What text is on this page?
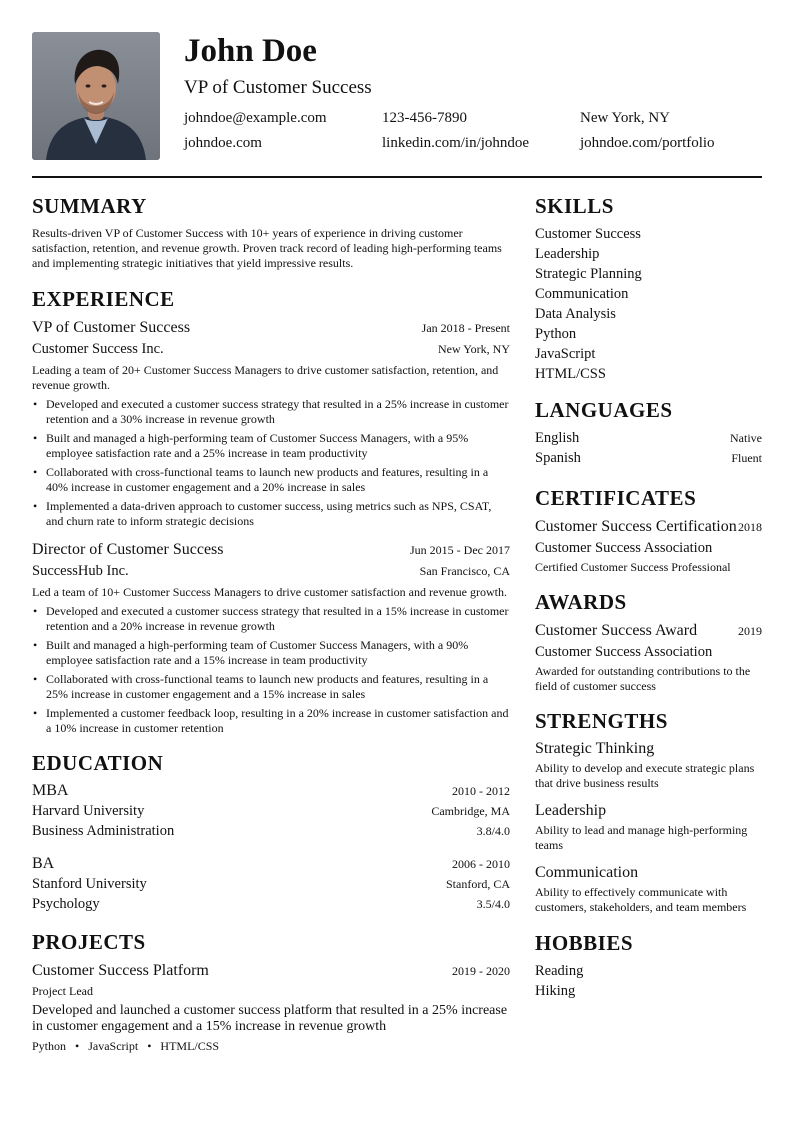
John Doe
VP of Customer Success
johndoe@example.com	123-456-7890	New York, NY
johndoe.com	linkedin.com/in/johndoe	johndoe.com/portfolio
SUMMARY

Results-driven VP of Customer Success with 10+ years of experience in driving customer satisfaction, retention, and revenue growth. Proven track record of leading high-performing teams and implementing strategic initiatives that yield impressive results.

EXPERIENCE
VP of Customer Success	Jan 2018 - Present
Customer Success Inc.	New York, NY

Leading a team of 20+ Customer Success Managers to drive customer satisfaction, retention, and revenue growth.

• Developed and executed a customer success strategy that resulted in a 25% increase in customer retention and a 30% increase in revenue growth
• Built and managed a high-performing team of Customer Success Managers, with a 95% employee satisfaction rate and a 25% increase in team productivity
• Collaborated with cross-functional teams to launch new products and features, resulting in a 40% increase in customer engagement and a 20% increase in sales
• Implemented a data-driven approach to customer success, using metrics such as NPS, CSAT, and churn rate to inform strategic decisions
Director of Customer Success	Jun 2015 - Dec 2017
SuccessHub Inc.	San Francisco, CA

Led a team of 10+ Customer Success Managers to drive customer satisfaction and revenue growth.

• Developed and executed a customer success strategy that resulted in a 15% increase in customer retention and a 20% increase in revenue growth
• Built and managed a high-performing team of Customer Success Managers, with a 90% employee satisfaction rate and a 15% increase in team productivity
• Collaborated with cross-functional teams to launch new products and features, resulting in a 25% increase in customer engagement and a 15% increase in sales
• Implemented a customer feedback loop, resulting in a 20% increase in customer satisfaction and a 10% increase in customer retention
EDUCATION
MBA	2010 - 2012
Harvard University	Cambridge, MA
Business Administration	3.8/4.0
BA	2006 - 2010
Stanford University	Stanford, CA
Psychology	3.5/4.0
PROJECTS
Customer Success Platform	2019 - 2020
Project Lead

Developed and launched a customer success platform that resulted in a 25% increase in customer engagement and a 15% increase in revenue growth

Python • JavaScript • HTML/CSS
SKILLS
Customer Success
Leadership
Strategic Planning
Communication
Data Analysis
Python
JavaScript
HTML/CSS
LANGUAGES
English	Native
Spanish	Fluent
CERTIFICATES
Customer Success Certification 2018
Customer Success Association
Certified Customer Success Professional
AWARDS
Customer Success Award	2019
Customer Success Association
Awarded for outstanding contributions to the field of customer success
STRENGTHS
Strategic Thinking
Ability to develop and execute strategic plans that drive business results
Leadership
Ability to lead and manage high-performing teams
Communication
Ability to effectively communicate with customers, stakeholders, and team members
HOBBIES
Reading
Hiking
